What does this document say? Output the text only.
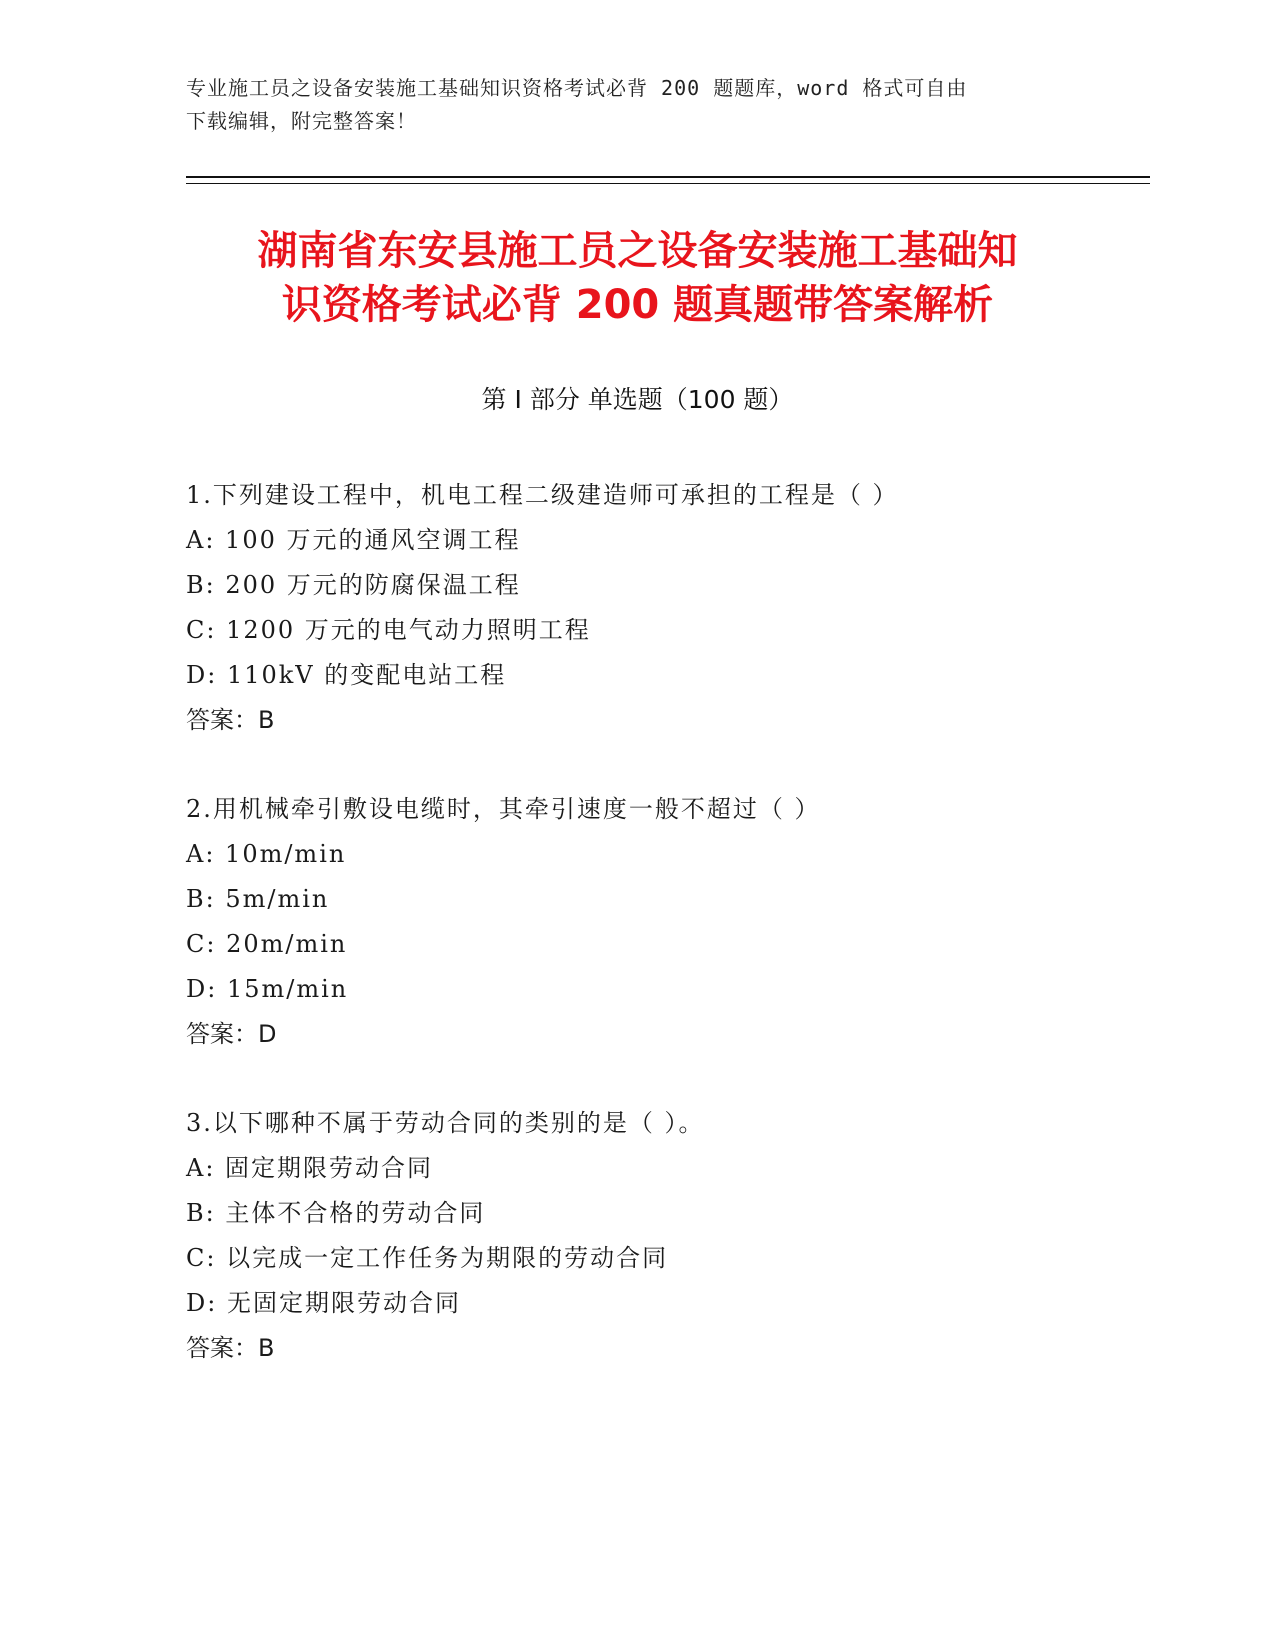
专业施工员之设备安装施工基础知识资格考试必背 200 题题库，word 格式可自由
下载编辑，附完整答案！
湖南省东安县施工员之设备安装施工基础知
识资格考试必背 200 题真题带答案解析
第 I 部分 单选题（100 题）
1.下列建设工程中，机电工程二级建造师可承担的工程是（ ）
A: 100 万元的通风空调工程
B: 200 万元的防腐保温工程
C: 1200 万元的电气动力照明工程
D: 110kV 的变配电站工程
答案：B
2.用机械牵引敷设电缆时，其牵引速度一般不超过（ ）
A: 10m/min
B: 5m/min
C: 20m/min
D: 15m/min
答案：D
3.以下哪种不属于劳动合同的类别的是（ ）。
A: 固定期限劳动合同
B: 主体不合格的劳动合同
C: 以完成一定工作任务为期限的劳动合同
D: 无固定期限劳动合同
答案：B
